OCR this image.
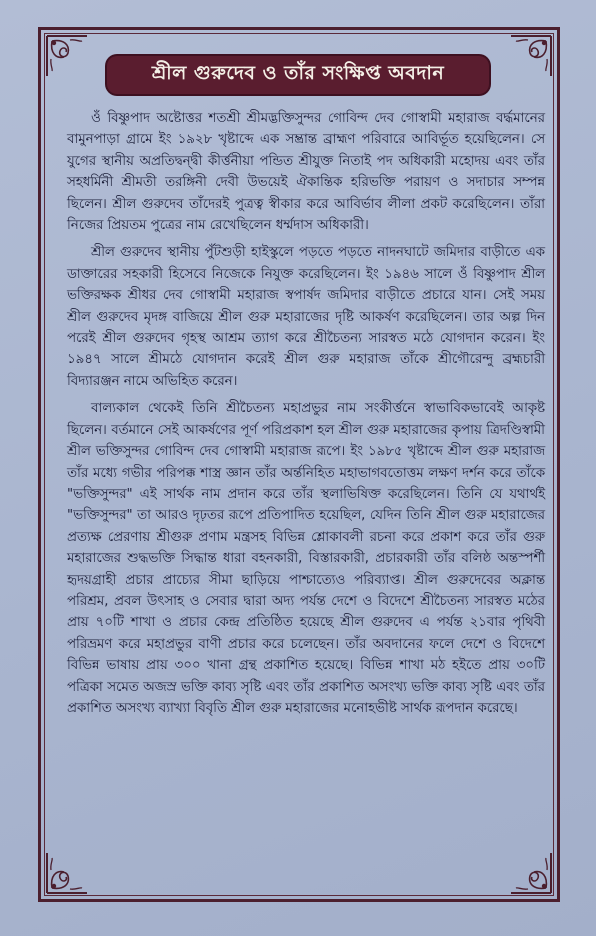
শ্রীল গুরুদেব ও তাঁর সংক্ষিপ্ত অবদান

ওঁ বিষ্ণুপাদ অষ্টোত্তর শতশ্রী শ্রীমদ্ভক্তিসুন্দর গোবিন্দ দেব গোস্বামী মহারাজ বর্দ্ধমানের বামুনপাড়া গ্রামে ইং ১৯২৮ খৃষ্টাব্দে এক সম্ভ্রান্ত ব্রাহ্মণ পরিবারে আবির্ভূত হয়েছিলেন। সে যুগের স্থানীয় অপ্রতিদ্বন্দ্বী কীর্ত্তনীয়া পন্ডিত শ্রীযুক্ত নিতাই পদ অধিকারী মহোদয় এবং তাঁর সহধর্মিনী শ্রীমতী তরঙ্গিনী দেবী উভয়েই ঐকান্তিক হরিভক্তি পরায়ণ ও সদাচার সম্পন্ন ছিলেন। শ্রীল গুরুদেব তাঁদেরই পুত্রত্ব স্বীকার করে আবির্ভাব লীলা প্রকট করেছিলেন। তাঁরা নিজের প্রিয়তম পুত্রের নাম রেখেছিলেন ধর্ম্মদাস অধিকারী।

শ্রীল গুরুদেব স্থানীয় পুঁটশুড়ী হাইস্কুলে পড়তে পড়তে নাদনঘাটে জমিদার বাড়ীতে এক ডাক্তারের সহকারী হিসেবে নিজেকে নিযুক্ত করেছিলেন। ইং ১৯৪৬ সালে ওঁ বিষ্ণুপাদ শ্রীল ভক্তিরক্ষক শ্রীধর দেব গোস্বামী মহারাজ স্বপার্ষদ জমিদার বাড়ীতে প্রচারে যান। সেই সময় শ্রীল গুরুদেব মৃদঙ্গ বাজিয়ে শ্রীল গুরু মহারাজের দৃষ্টি আকর্ষণ করেছিলেন। তার অল্প দিন পরেই শ্রীল গুরুদেব গৃহস্থ আশ্রম ত্যাগ করে শ্রীচৈতন্য সারস্বত মঠে যোগদান করেন। ইং ১৯৪৭ সালে শ্রীমঠে যোগদান করেই শ্রীল গুরু মহারাজ তাঁকে শ্রীগৌরেন্দু ব্রহ্মচারী বিদ্যারঞ্জন নামে অভিহিত করেন।

বাল্যকাল থেকেই তিনি শ্রীচৈতন্য মহাপ্রভুর নাম সংকীর্ত্তনে স্বাভাবিকভাবেই আকৃষ্ট ছিলেন। বর্তমানে সেই আকর্ষণের পূর্ণ পরিপ্রকাশ হল শ্রীল গুরু মহারাজের কৃপায় ত্রিদণ্ডিস্বামী শ্রীল ভক্তিসুন্দর গোবিন্দ দেব গোস্বামী মহারাজ রূপে। ইং ১৯৮৫ খৃষ্টাব্দে শ্রীল গুরু মহারাজ তাঁর মধ্যে গভীর পরিপক্ক শাস্ত্র জ্ঞান তাঁর অর্ন্তনিহিত মহাভাগবতোত্তম লক্ষণ দর্শন করে তাঁকে "ভক্তিসুন্দর" এই সার্থক নাম প্রদান করে তাঁর স্থলাভিষিক্ত করেছিলেন। তিনি যে যথার্থই "ভক্তিসুন্দর" তা আরও দৃঢ়তর রূপে প্রতিপাদিত হয়েছিল, যেদিন তিনি শ্রীল গুরু মহারাজের প্রত্যক্ষ প্রেরণায় শ্রীগুরু প্রণাম মন্ত্রসহ বিভিন্ন শ্লোকাবলী রচনা করে প্রকাশ করে তাঁর গুরু মহারাজের শুদ্ধভক্তি সিদ্ধান্ত ধারা বহনকারী, বিস্তারকারী, প্রচারকারী তাঁর বলিষ্ঠ অন্তস্পর্শী হৃদয়গ্রাহী প্রচার প্রাচ্যের সীমা ছাড়িয়ে পাশ্চাত্যেও পরিব্যাপ্ত। শ্রীল গুরুদেবের অক্লান্ত পরিশ্রম, প্রবল উৎসাহ ও সেবার দ্বারা অদ্য পর্যন্ত দেশে ও বিদেশে শ্রীচৈতন্য সারস্বত মঠের প্রায় ৭০টি শাখা ও প্রচার কেন্দ্র প্রতিষ্ঠিত হয়েছে শ্রীল গুরুদেব এ পর্যন্ত ২১বার পৃথিবী পরিভ্রমণ করে মহাপ্রভুর বাণী প্রচার করে চলেছেন। তাঁর অবদানের ফলে দেশে ও বিদেশে বিভিন্ন ভাষায় প্রায় ৩০০ খানা গ্রন্থ প্রকাশিত হয়েছে। বিভিন্ন শাখা মঠ হইতে প্রায় ৩০টি পত্রিকা সমেত অজস্র ভক্তি কাব্য সৃষ্টি এবং তাঁর প্রকাশিত অসংখ্য ভক্তি কাব্য সৃষ্টি এবং তাঁর প্রকাশিত অসংখ্য ব্যাখ্যা বিবৃতি শ্রীল গুরু মহারাজের মনোহভীষ্ট সার্থক রূপদান করেছে।
